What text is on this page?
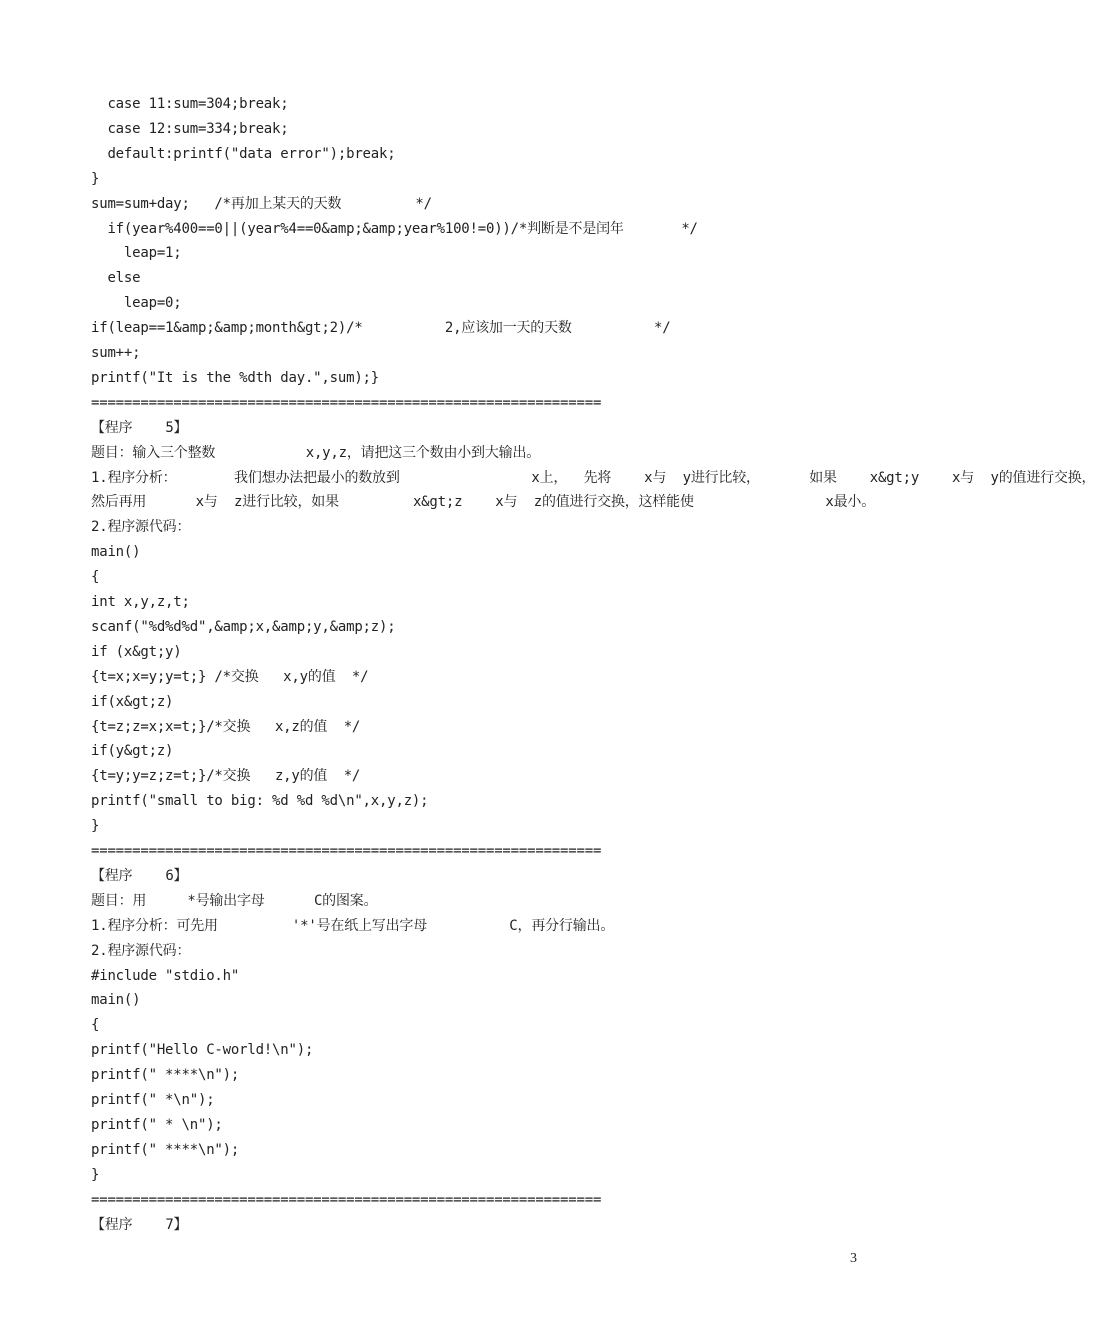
case 11:sum=304;break;
case 12:sum=334;break;
default:printf("data error");break;
}
sum=sum+day;   /*再加上某天的天数         */
if(year%400==0||(year%4==0&amp;&amp;year%100!=0))/*判断是不是闰年       */
leap=1;
else
leap=0;
if(leap==1&amp;&amp;month&gt;2)/*          2,应该加一天的天数          */
sum++;
printf("It is the %dth day.",sum);}
==============================================================
【程序    5】
题目：输入三个整数           x,y,z，请把这三个数由小到大输出。
1.程序分析：       我们想办法把最小的数放到                x上，  先将    x与  y进行比较，      如果    x&gt;y    x与  y的值进行交换，
然后再用      x与  z进行比较，如果         x&gt;z    x与  z的值进行交换，这样能使                x最小。
2.程序源代码：
main()
{
int x,y,z,t;
scanf("%d%d%d",&amp;x,&amp;y,&amp;z);
if (x&gt;y)
{t=x;x=y;y=t;} /*交换   x,y的值  */
if(x&gt;z)
{t=z;z=x;x=t;}/*交换   x,z的值  */
if(y&gt;z)
{t=y;y=z;z=t;}/*交换   z,y的值  */
printf("small to big: %d %d %d\n",x,y,z);
}
==============================================================
【程序    6】
题目：用     *号输出字母      C的图案。
1.程序分析：可先用         '*'号在纸上写出字母          C，再分行输出。
2.程序源代码：
#include "stdio.h"
main()
{
printf("Hello C-world!\n");
printf(" ****\n");
printf(" *\n");
printf(" * \n");
printf(" ****\n");
}
==============================================================
【程序    7】
3
